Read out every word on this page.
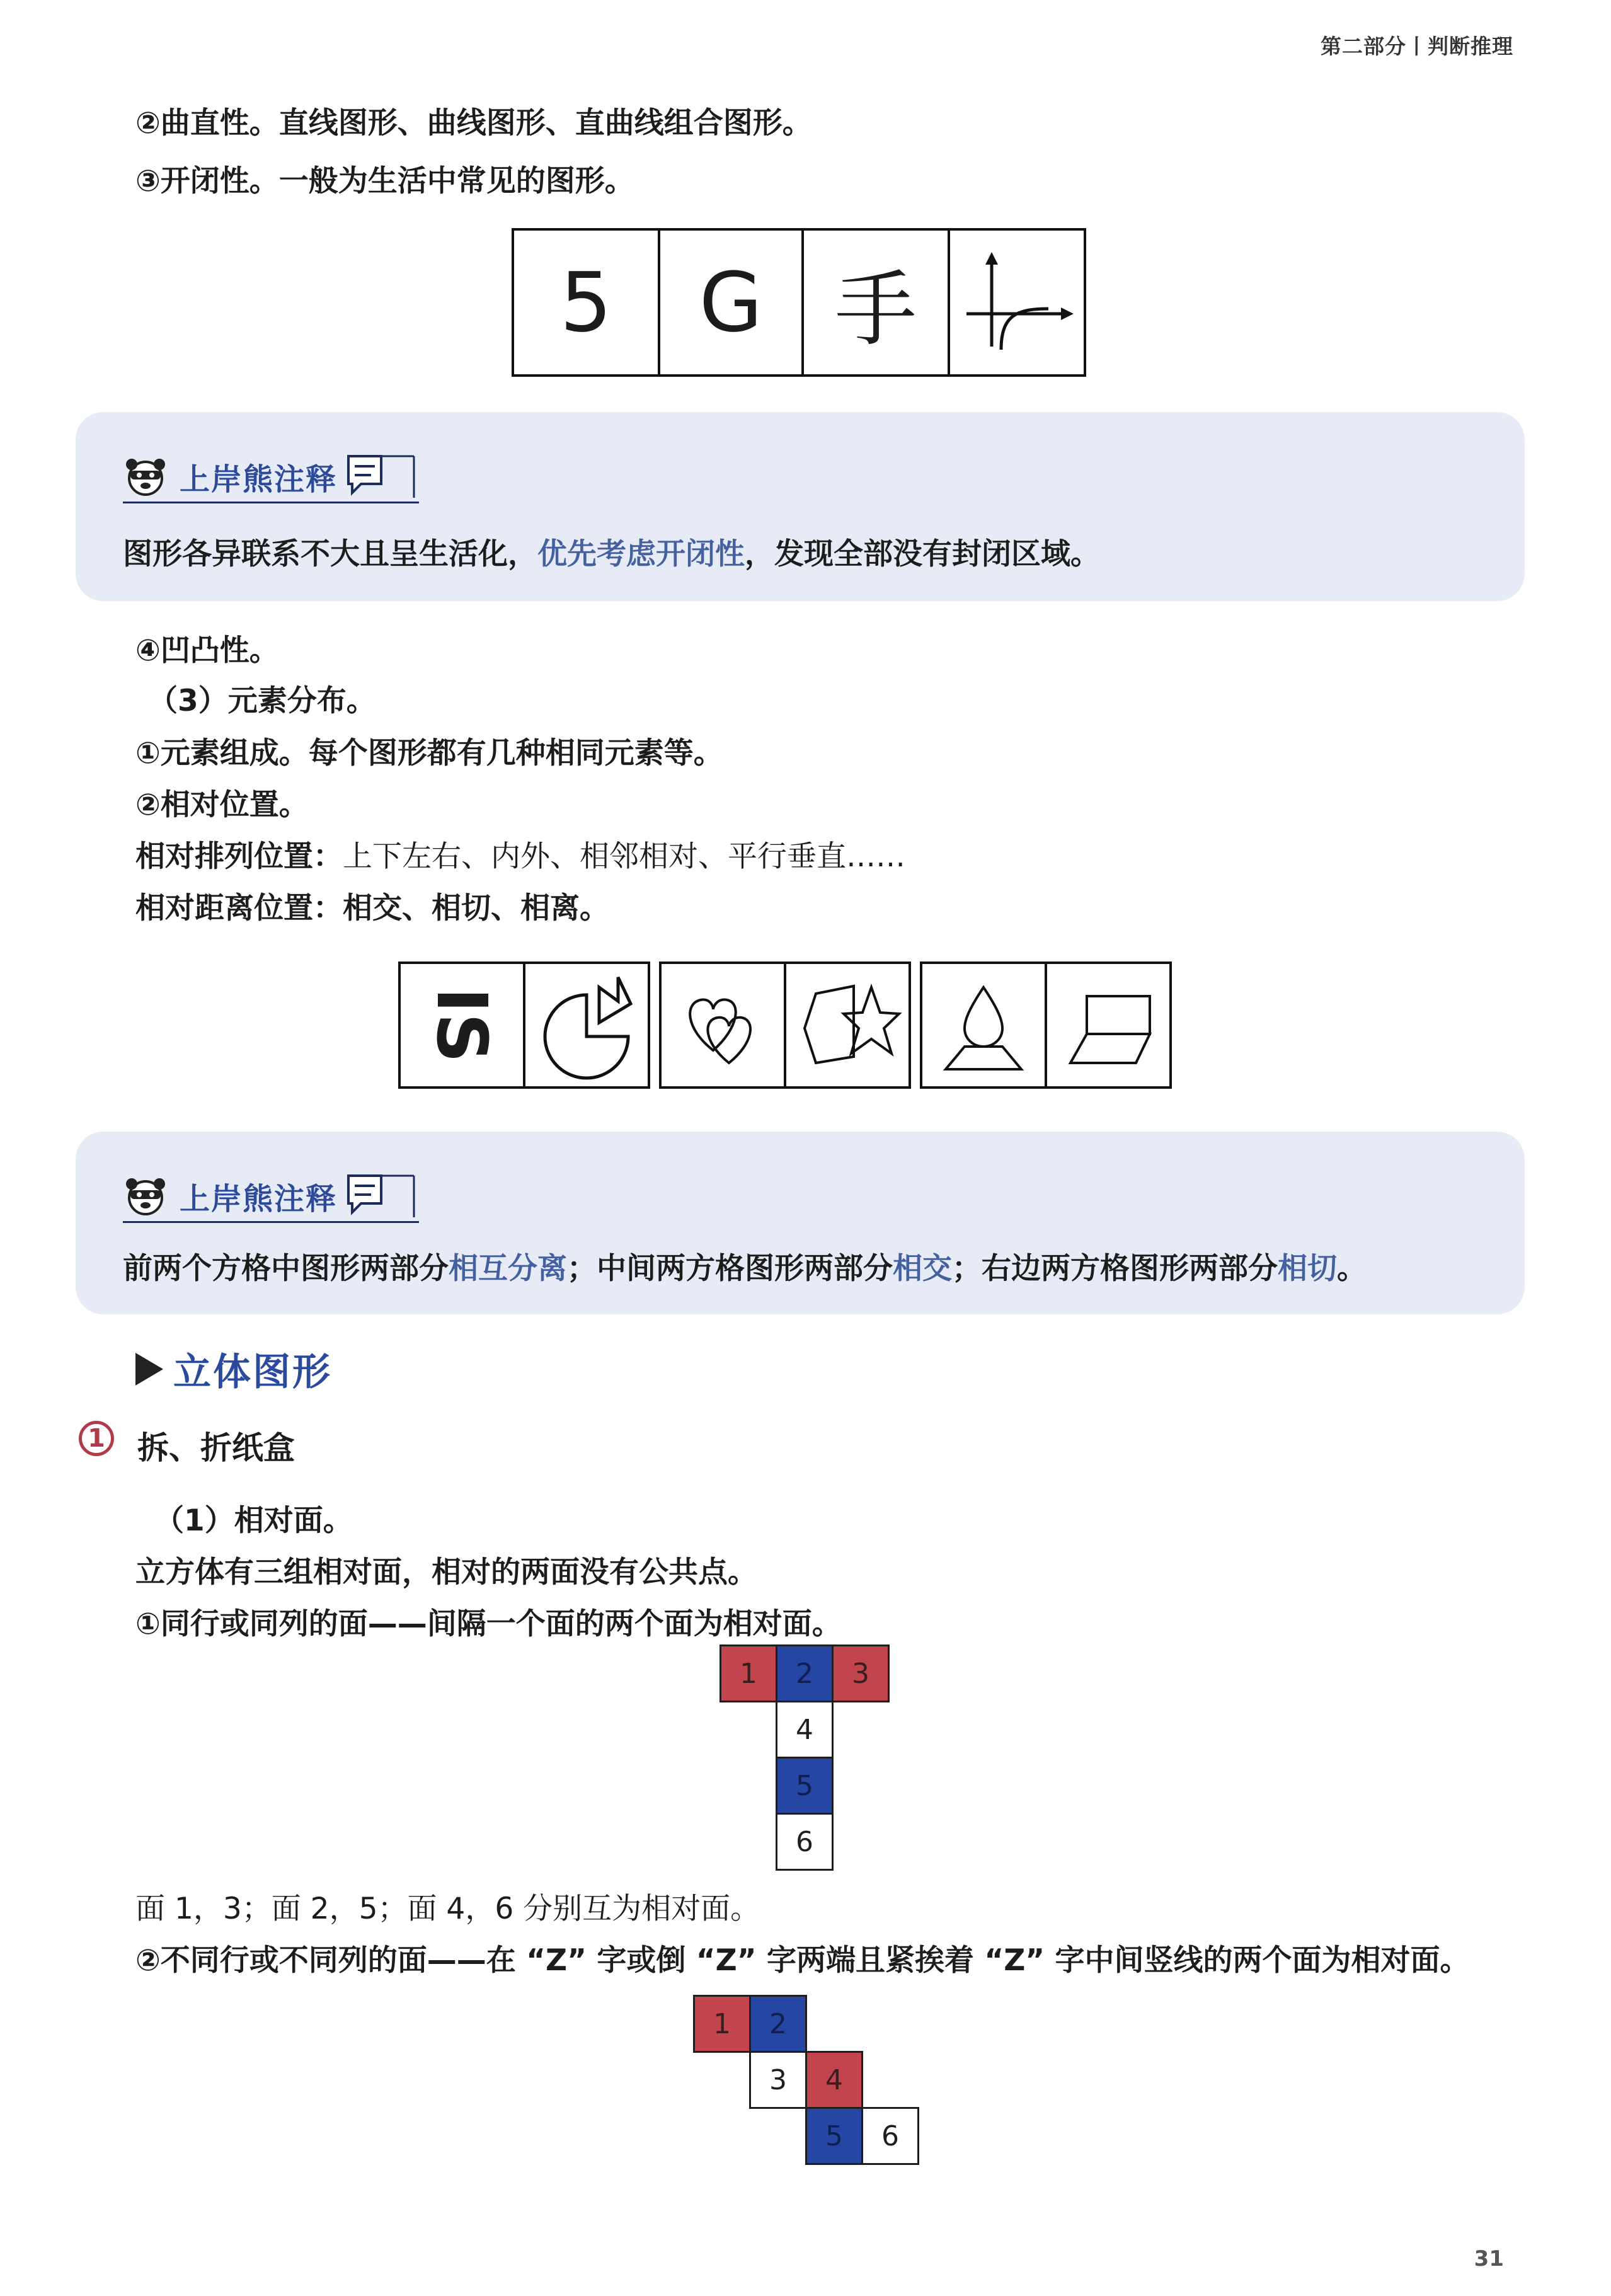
第二部分丨判断推理
②曲直性。直线图形、曲线图形、直曲线组合图形。
③开闭性。一般为生活中常见的图形。
5	G 手
上岸熊注释
图形各异联系不大且呈生活化，优先考虑开闭性，发现全部没有封闭区域。
④凹凸性。
（3）元素分布。
①元素组成。每个图形都有几种相同元素等。
②相对位置。
相对排列位置：上下左右、内外、相邻相对、平行垂直……
相对距离位置：相交、相切、相离。
IS
上岸熊注释
前两个方格中图形两部分相互分离；中间两方格图形两部分相交；右边两方格图形两部分相切。
立体图形
1 拆、折纸盒
（1）相对面。
立方体有三组相对面，相对的两面没有公共点。
①同行或同列的面——间隔一个面的两个面为相对面。
1	2	3
4
5
6
面 1，3；面 2，5；面 4，6 分别互为相对面。
②不同行或不同列的面——在 “Z” 字或倒 “Z” 字两端且紧挨着 “Z” 字中间竖线的两个面为相对面。
1	2
3	4
5	6
31
